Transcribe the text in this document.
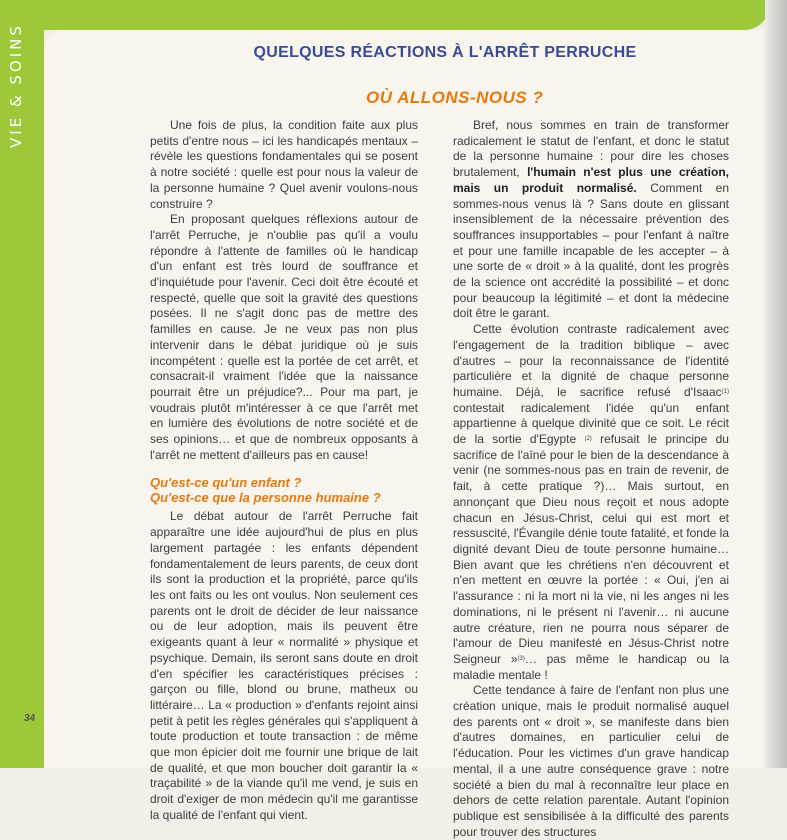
VIE & SOINS
34
QUELQUES RÉACTIONS À L'ARRÊT PERRUCHE
OÙ ALLONS-NOUS ?

Une fois de plus, la condition faite aux plus petits d'entre nous – ici les handicapés mentaux –révèle les questions fondamentales qui se posent à notre société : quelle est pour nous la valeur de la personne humaine ? Quel avenir voulons-nous construire ?

En proposant quelques réflexions autour de l'arrêt Perruche, je n'oublie pas qu'il a voulu répondre à l'attente de familles où le handicap d'un enfant est très lourd de souffrance et d'inquiétude pour l'avenir. Ceci doit être écouté et respecté, quelle que soit la gravité des questions posées. Il ne s'agit donc pas de mettre des familles en cause. Je ne veux pas non plus intervenir dans le débat juridique où je suis incompétent : quelle est la portée de cet arrêt, et consacrait-il vraiment l'idée que la naissance pourrait être un préjudice?... Pour ma part, je voudrais plutôt m'intéresser à ce que l'arrêt met en lumière des évolutions de notre société et de ses opinions… et que de nombreux opposants à l'arrêt ne mettent d'ailleurs pas en cause!

Qu'est-ce qu'un enfant ?
Qu'est-ce que la personne humaine ?

Le débat autour de l'arrêt Perruche fait apparaître une idée aujourd'hui de plus en plus largement partagée : les enfants dépendent fondamentalement de leurs parents, de ceux dont ils sont la production et la propriété, parce qu'ils les ont faits ou les ont voulus. Non seulement ces parents ont le droit de décider de leur naissance ou de leur adoption, mais ils peuvent être exigeants quant à leur « normalité » physique et psychique. Demain, ils seront sans doute en droit d'en spécifier les caractéristiques précises : garçon ou fille, blond ou brune, matheux ou littéraire… La « production » d'enfants rejoint ainsi petit à petit les règles générales qui s'appliquent à toute production et toute transaction : de même que mon épicier doit me fournir une brique de lait de qualité, et que mon boucher doit garantir la « traçabilité » de la viande qu'il me vend, je suis en droit d'exiger de mon médecin qu'il me garantisse la qualité de l'enfant qui vient.

Bref, nous sommes en train de transformer radicalement le statut de l'enfant, et donc le statut de la personne humaine : pour dire les choses brutalement, l'humain n'est plus une création, mais un produit normalisé. Comment en sommes-nous venus là ? Sans doute en glissant insensiblement de la nécessaire prévention des souffrances insupportables – pour l'enfant à naître et pour une famille incapable de les accepter – à une sorte de « droit » à la qualité, dont les progrès de la science ont accrédité la possibilité – et donc pour beaucoup la légitimité – et dont la médecine doit être le garant.

Cette évolution contraste radicalement avec l'engagement de la tradition biblique – avec d'autres – pour la reconnaissance de l'identité particulière et la dignité de chaque personne humaine. Déjà, le sacrifice refusé d'Isaac$^{(1)}$ contestait radicalement l'idée qu'un enfant appartienne à quelque divinité que ce soit. Le récit de la sortie d'Egypte $^{(2)}$ refusait le principe du sacrifice de l'aîné pour le bien de la descendance à venir (ne sommes-nous pas en train de revenir, de fait, à cette pratique ?)… Mais surtout, en annonçant que Dieu nous reçoit et nous adopte chacun en Jésus-Christ, celui qui est mort et ressuscité, l'Évangile dénie toute fatalité, et fonde la dignité devant Dieu de toute personne humaine… Bien avant que les chrétiens n'en découvrent et n'en mettent en œuvre la portée : « Oui, j'en ai l'assurance : ni la mort ni la vie, ni les anges ni les dominations, ni le présent ni l'avenir… ni aucune autre créature, rien ne pourra nous séparer de l'amour de Dieu manifesté en Jésus-Christ notre Seigneur »$^{(3)}$… pas même le handicap ou la maladie mentale !

Cette tendance à faire de l'enfant non plus une création unique, mais le produit normalisé auquel des parents ont « droit », se manifeste dans bien d'autres domaines, en particulier celui de l'éducation. Pour les victimes d'un grave handicap mental, il a une autre conséquence grave : notre société a bien du mal à reconnaître leur place en dehors de cette relation parentale. Autant l'opinion publique est sensibilisée à la difficulté des parents pour trouver des structures
